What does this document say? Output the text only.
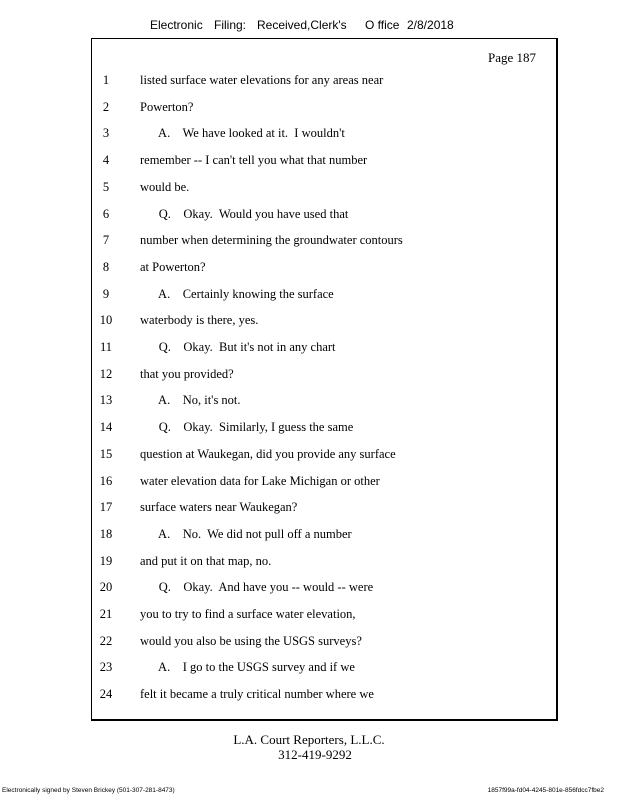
Electronic Filing: Received,Clerk's O ffice 2/8/2018
Page 187
1	listed surface water elevations for any areas near
2	Powerton?
3	A.    We have looked at it.  I wouldn't
4	remember -- I can't tell you what that number
5	would be.
6	Q.    Okay.  Would you have used that
7	number when determining the groundwater contours
8	at Powerton?
9	A.    Certainly knowing the surface
10	waterbody is there, yes.
11	Q.    Okay.  But it's not in any chart
12	that you provided?
13	A.    No, it's not.
14	Q.    Okay.  Similarly, I guess the same
15	question at Waukegan, did you provide any surface
16	water elevation data for Lake Michigan or other
17	surface waters near Waukegan?
18	A.    No.  We did not pull off a number
19	and put it on that map, no.
20	Q.    Okay.  And have you -- would -- were
21	you to try to find a surface water elevation,
22	would you also be using the USGS surveys?
23	A.    I go to the USGS survey and if we
24	felt it became a truly critical number where we
L.A. Court Reporters, L.L.C.
312-419-9292
Electronically signed by Steven Brickey (501-307-281-8473)	1857f99a-fd04-4245-801e-856fdcc7fbe2
